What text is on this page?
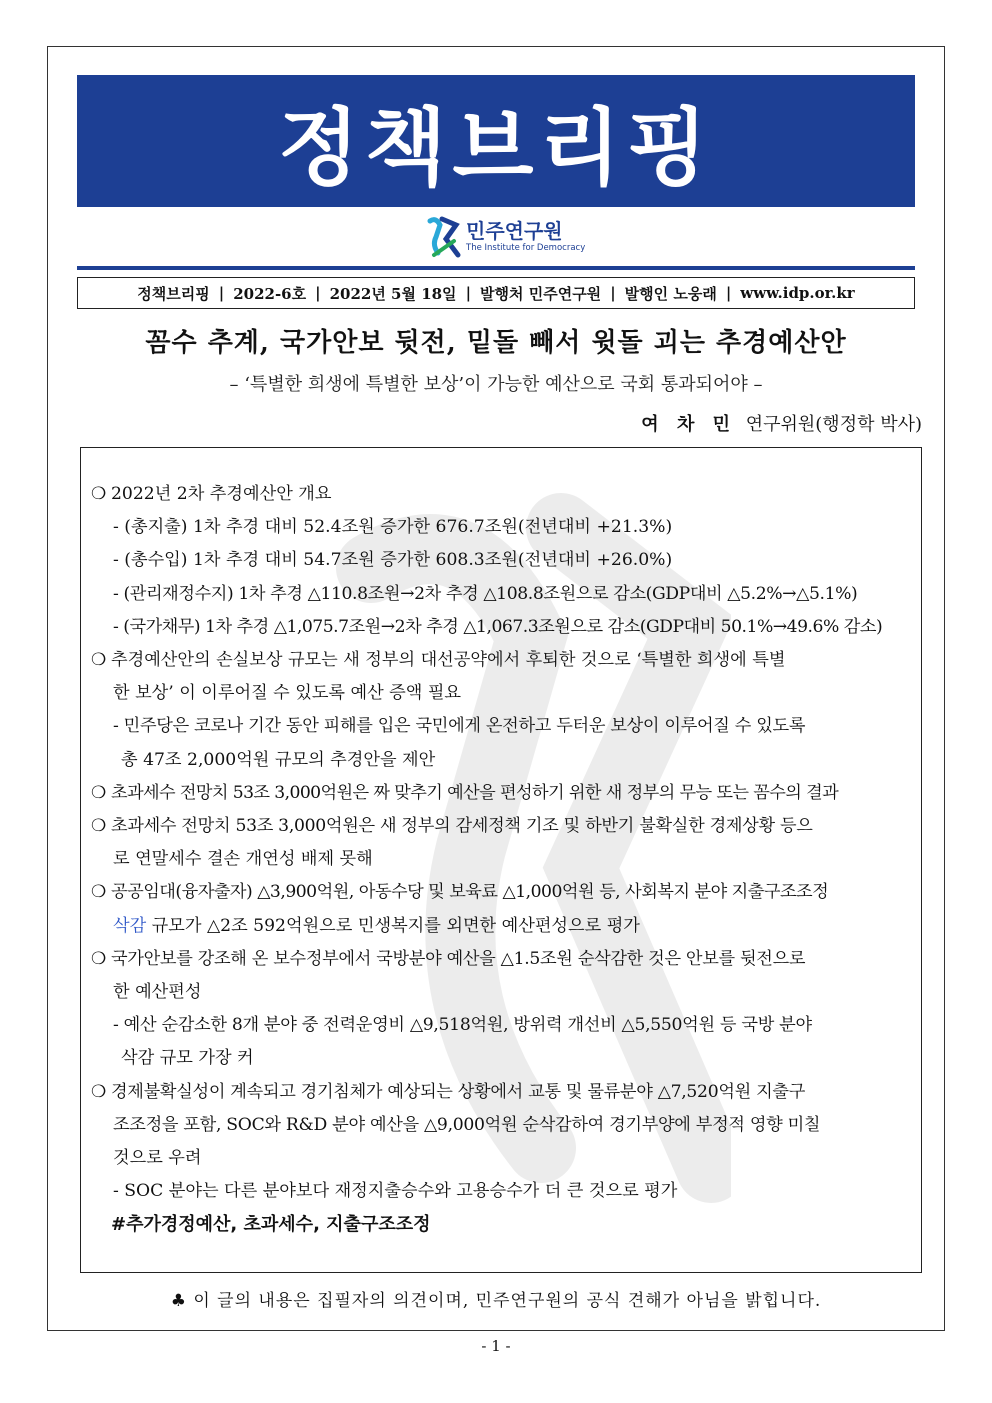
정책브리핑
민주연구원
The Institute for Democracy
정책브리핑 | 2022-6호 | 2022년 5월 18일 | 발행처 민주연구원 | 발행인 노웅래 | www.idp.or.kr
꼼수 추계, 국가안보 뒷전, 밑돌 빼서 윗돌 괴는 추경예산안
– ‘특별한 희생에 특별한 보상’이 가능한 예산으로 국회 통과되어야 –
여 차 민 연구위원(행정학 박사)
❍ 2022년 2차 추경예산안 개요
- (총지출) 1차 추경 대비 52.4조원 증가한 676.7조원(전년대비 +21.3%)
- (총수입) 1차 추경 대비 54.7조원 증가한 608.3조원(전년대비 +26.0%)
- (관리재정수지) 1차 추경 △110.8조원→2차 추경 △108.8조원으로 감소(GDP대비 △5.2%→△5.1%)
- (국가채무) 1차 추경 △1,075.7조원→2차 추경 △1,067.3조원으로 감소(GDP대비 50.1%→49.6% 감소)
❍ 추경예산안의 손실보상 규모는 새 정부의 대선공약에서 후퇴한 것으로 ‘특별한 희생에 특별
한 보상’ 이 이루어질 수 있도록 예산 증액 필요
- 민주당은 코로나 기간 동안 피해를 입은 국민에게 온전하고 두터운 보상이 이루어질 수 있도록
총 47조 2,000억원 규모의 추경안을 제안
❍ 초과세수 전망치 53조 3,000억원은 짜 맞추기 예산을 편성하기 위한 새 정부의 무능 또는 꼼수의 결과
❍ 초과세수 전망치 53조 3,000억원은 새 정부의 감세정책 기조 및 하반기 불확실한 경제상황 등으
로 연말세수 결손 개연성 배제 못해
❍ 공공임대(융자출자) △3,900억원, 아동수당 및 보육료 △1,000억원 등, 사회복지 분야 지출구조조정
삭감 규모가 △2조 592억원으로 민생복지를 외면한 예산편성으로 평가
❍ 국가안보를 강조해 온 보수정부에서 국방분야 예산을 △1.5조원 순삭감한 것은 안보를 뒷전으로
한 예산편성
- 예산 순감소한 8개 분야 중 전력운영비 △9,518억원, 방위력 개선비 △5,550억원 등 국방 분야
삭감 규모 가장 커
❍ 경제불확실성이 계속되고 경기침체가 예상되는 상황에서 교통 및 물류분야 △7,520억원 지출구
조조정을 포함, SOC와 R&D 분야 예산을 △9,000억원 순삭감하여 경기부양에 부정적 영향 미칠
것으로 우려
- SOC 분야는 다른 분야보다 재정지출승수와 고용승수가 더 큰 것으로 평가
#추가경정예산, 초과세수, 지출구조조정
♣ 이 글의 내용은 집필자의 의견이며, 민주연구원의 공식 견해가 아님을 밝힙니다.
- 1 -
